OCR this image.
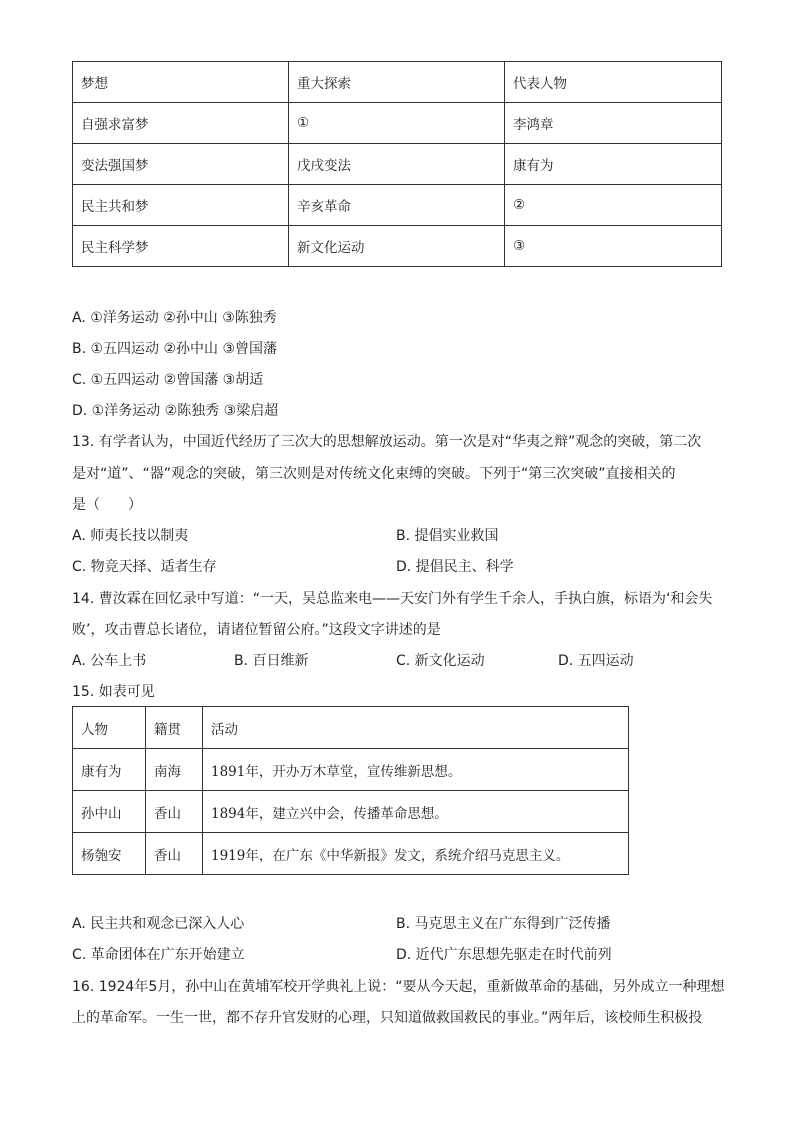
梦想	重大探索	代表人物
自强求富梦	①	李鸿章
变法强国梦	戊戌变法	康有为
民主共和梦	辛亥革命	②
民主科学梦	新文化运动	③
A. ①洋务运动 ②孙中山 ③陈独秀
B. ①五四运动 ②孙中山 ③曾国藩
C. ①五四运动 ②曾国藩 ③胡适
D. ①洋务运动 ②陈独秀 ③梁启超
13. 有学者认为，中国近代经历了三次大的思想解放运动。第一次是对“华夷之辩”观念的突破，第二次
是对“道”、“器”观念的突破，第三次则是对传统文化束缚的突破。下列于“第三次突破”直接相关的
是（　　）
A. 师夷长技以制夷	B. 提倡实业救国
C. 物竞天择、适者生存	D. 提倡民主、科学
14. 曹汝霖在回忆录中写道：“一天，吴总监来电——天安门外有学生千余人，手执白旗，标语为‘和会失
败’，攻击曹总长诸位，请诸位暂留公府。”这段文字讲述的是
A. 公车上书	B. 百日维新	C. 新文化运动	D. 五四运动
15. 如表可见
人物	籍贯	活动
康有为	南海	1891年，开办万木草堂，宣传维新思想。
孙中山	香山	1894年，建立兴中会，传播革命思想。
杨匏安	香山	1919年，在广东《中华新报》发文，系统介绍马克思主义。
A. 民主共和观念已深入人心	B. 马克思主义在广东得到广泛传播
C. 革命团体在广东开始建立	D. 近代广东思想先驱走在时代前列
16. 1924年5月，孙中山在黄埔军校开学典礼上说：“要从今天起，重新做革命的基础，另外成立一种理想
上的革命军。一生一世，都不存升官发财的心理，只知道做救国救民的事业。”两年后，该校师生积极投
